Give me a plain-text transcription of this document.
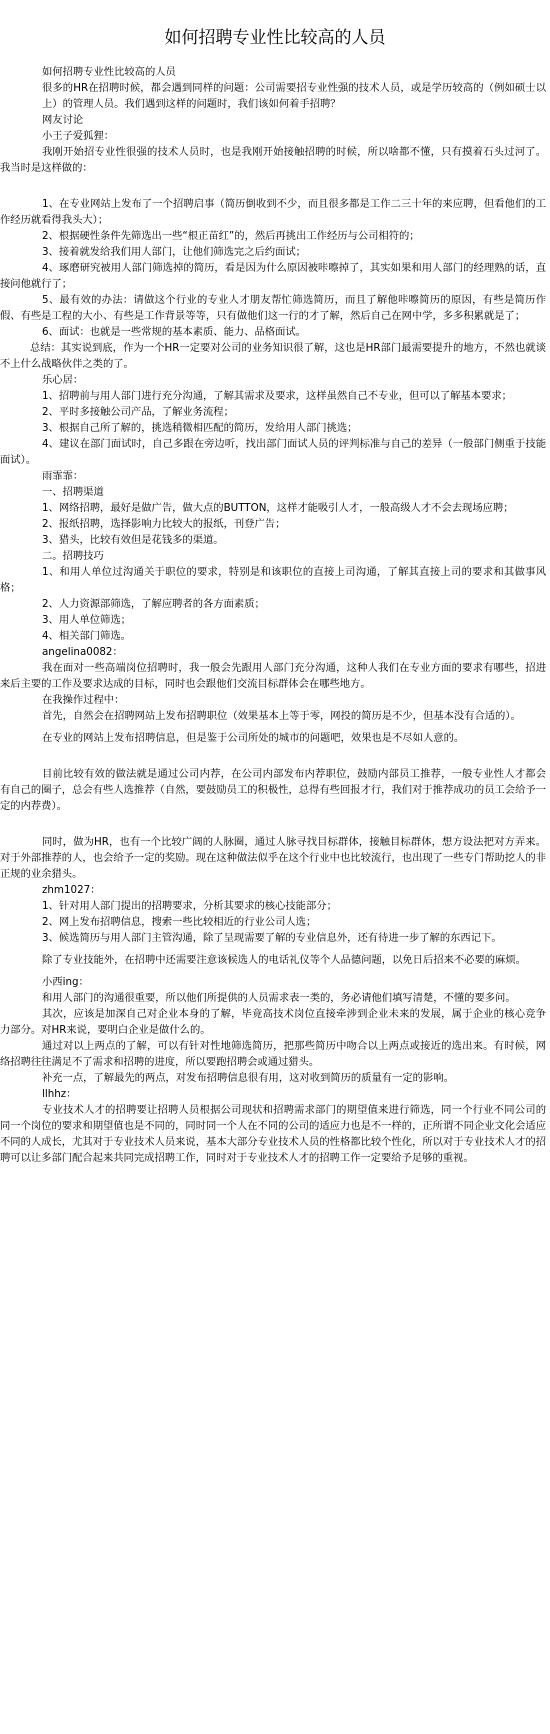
如何招聘专业性比较高的人员

如何招聘专业性比较高的人员

很多的HR在招聘时候，都会遇到同样的问题：公司需要招专业性强的技术人员，或是学历较高的（例如硕士以上）的管理人员。我们遇到这样的问题时，我们该如何着手招聘？

网友讨论

小王子爱狐狸：

我刚开始招专业性很强的技术人员时，也是我刚开始接触招聘的时候，所以啥都不懂，只有摸着石头过河了。我当时是这样做的：

1、在专业网站上发布了一个招聘启事（简历倒收到不少，而且很多都是工作二三十年的来应聘，但看他们的工作经历就看得我头大）；

2、根据硬性条件先筛选出一些“根正苗红”的，然后再挑出工作经历与公司相符的；

3、接着就发给我们用人部门，让他们筛选完之后约面试；

4、琢磨研究被用人部门筛选掉的简历，看是因为什么原因被咔嚓掉了，其实如果和用人部门的经理熟的话，直接问他就行了；

5、最有效的办法：请做这个行业的专业人才朋友帮忙筛选简历，而且了解他咔嚓简历的原因，有些是简历作假、有些是工程的大小、有些是工作背景等等，只有做他们这一行的才了解，然后自己在网中学，多多积累就是了；

6、面试：也就是一些常规的基本素质、能力、品格面试。

总结：其实说到底，作为一个HR一定要对公司的业务知识很了解，这也是HR部门最需要提升的地方，不然也就谈不上什么战略伙伴之类的了。

乐心居：

1、招聘前与用人部门进行充分沟通，了解其需求及要求，这样虽然自己不专业，但可以了解基本要求；

2、平时多接触公司产品，了解业务流程；

3、根据自己所了解的，挑选稍微相匹配的简历，发给用人部门挑选；

4、建议在部门面试时，自己多跟在旁边听，找出部门面试人员的评判标准与自己的差异（一般部门侧重于技能面试）。

雨霏霏：

一、招聘渠道

1、网络招聘，最好是做广告，做大点的BUTTON，这样才能吸引人才，一般高级人才不会去现场应聘；

2、报纸招聘，选择影响力比较大的报纸，刊登广告；

3、猎头，比较有效但是花钱多的渠道。

二。招聘技巧

1、和用人单位过沟通关于职位的要求，特别是和该职位的直接上司沟通，了解其直接上司的要求和其做事风格；

2、人力资源部筛选，了解应聘者的各方面素质；

3、用人单位筛选；

4、相关部门筛选。

angelina0082：

我在面对一些高端岗位招聘时，我一般会先跟用人部门充分沟通，这种人我们在专业方面的要求有哪些，招进来后主要的工作及要求达成的目标，同时也会跟他们交流目标群体会在哪些地方。

在我操作过程中：

首先，自然会在招聘网站上发布招聘职位（效果基本上等于零，网投的简历是不少，但基本没有合适的）。

在专业的网站上发布招聘信息，但是鉴于公司所处的城市的问题吧，效果也是不尽如人意的。

目前比较有效的做法就是通过公司内荐，在公司内部发布内荐职位，鼓励内部员工推荐，一般专业性人才都会有自己的圈子，总会有些人选推荐（自然，要鼓励员工的积极性，总得有些回报才行，我们对于推荐成功的员工会给予一定的内荐费）。

同时，做为HR，也有一个比较广阔的人脉圈，通过人脉寻找目标群体，接触目标群体，想方设法把对方弄来。对于外部推荐的人，也会给予一定的奖励。现在这种做法似乎在这个行业中也比较流行，也出现了一些专门帮助挖人的非正规的业余猎头。

zhm1027：

1、针对用人部门提出的招聘要求，分析其要求的核心技能部分；

2、网上发布招聘信息，搜索一些比较相近的行业公司人选；

3、候选简历与用人部门主管沟通，除了呈现需要了解的专业信息外，还有待进一步了解的东西记下。

除了专业技能外，在招聘中还需要注意该候选人的电话礼仪等个人品德问题，以免日后招来不必要的麻烦。

小西ing：

和用人部门的沟通很重要，所以他们所提供的人员需求表一类的，务必请他们填写清楚，不懂的要多问。

其次，应该是加深自己对企业本身的了解，毕竟高技术岗位直接牵涉到企业未来的发展，属于企业的核心竞争力部分。对HR来说，要明白企业是做什么的。

通过对以上两点的了解，可以有针对性地筛选简历，把那些简历中吻合以上两点或接近的选出来。有时候，网络招聘往往满足不了需求和招聘的进度，所以要跑招聘会或通过猎头。

补充一点，了解最先的两点，对发布招聘信息很有用，这对收到简历的质量有一定的影响。

llhhz：

专业技术人才的招聘要让招聘人员根据公司现状和招聘需求部门的期望值来进行筛选，同一个行业不同公司的同一个岗位的要求和期望值也是不同的，同时同一个人在不同的公司的适应力也是不一样的，正所谓不同企业文化会适应不同的人成长，尤其对于专业技术人员来说，基本大部分专业技术人员的性格都比较个性化，所以对于专业技术人才的招聘可以让多部门配合起来共同完成招聘工作，同时对于专业技术人才的招聘工作一定要给予足够的重视。
